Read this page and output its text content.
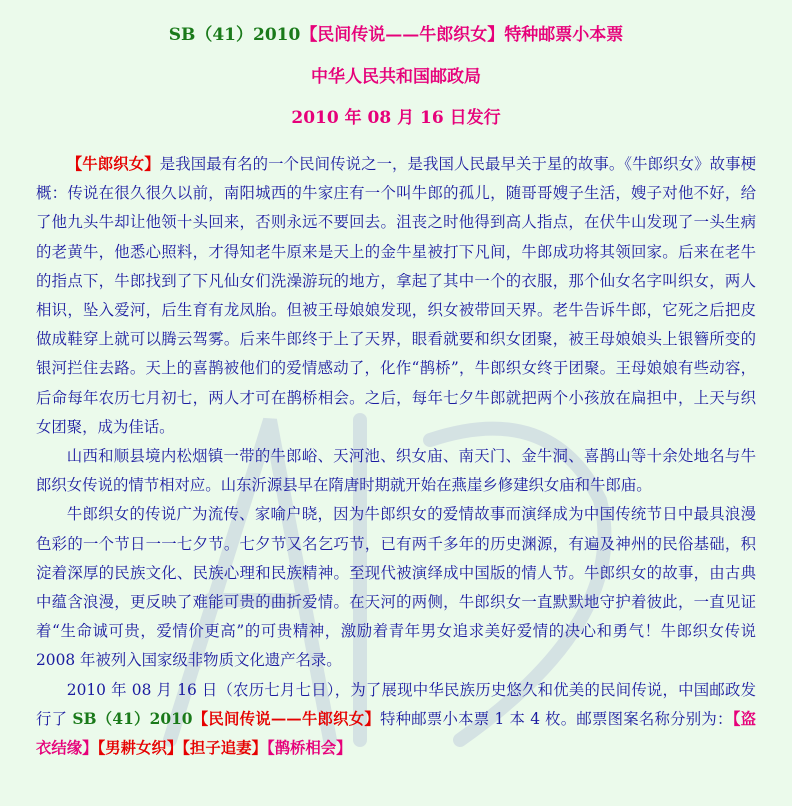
SB（41）2010【民间传说——牛郎织女】特种邮票小本票
中华人民共和国邮政局
2010 年 08 月 16 日发行

【牛郎织女】是我国最有名的一个民间传说之一，是我国人民最早关于星的故事。《牛郎织女》故事梗概：传说在很久很久以前，南阳城西的牛家庄有一个叫牛郎的孤儿，随哥哥嫂子生活，嫂子对他不好，给了他九头牛却让他领十头回来，否则永远不要回去。沮丧之时他得到高人指点，在伏牛山发现了一头生病的老黄牛，他悉心照料，才得知老牛原来是天上的金牛星被打下凡间，牛郎成功将其领回家。后来在老牛的指点下，牛郎找到了下凡仙女们洗澡游玩的地方，拿起了其中一个的衣服，那个仙女名字叫织女，两人相识，坠入爱河，后生育有龙凤胎。但被王母娘娘发现，织女被带回天界。老牛告诉牛郎，它死之后把皮做成鞋穿上就可以腾云驾雾。后来牛郎终于上了天界，眼看就要和织女团聚，被王母娘娘头上银簪所变的银河拦住去路。天上的喜鹊被他们的爱情感动了，化作“鹊桥”，牛郎织女终于团聚。王母娘娘有些动容，后命每年农历七月初七，两人才可在鹊桥相会。之后，每年七夕牛郎就把两个小孩放在扁担中，上天与织女团聚，成为佳话。

山西和顺县境内松烟镇一带的牛郎峪、天河池、织女庙、南天门、金牛洞、喜鹊山等十余处地名与牛郎织女传说的情节相对应。山东沂源县早在隋唐时期就开始在燕崖乡修建织女庙和牛郎庙。

牛郎织女的传说广为流传、家喻户晓，因为牛郎织女的爱情故事而演绎成为中国传统节日中最具浪漫色彩的一个节日一一七夕节。七夕节又名乞巧节，已有两千多年的历史渊源，有遍及神州的民俗基础，积淀着深厚的民族文化、民族心理和民族精神。至现代被演绎成中国版的情人节。牛郎织女的故事，由古典中蕴含浪漫，更反映了难能可贵的曲折爱情。在天河的两侧，牛郎织女一直默默地守护着彼此，一直见证着“生命诚可贵，爱情价更高”的可贵精神，激励着青年男女追求美好爱情的决心和勇气！牛郎织女传说 2008 年被列入国家级非物质文化遗产名录。

2010 年 08 月 16 日（农历七月七日），为了展现中华民族历史悠久和优美的民间传说，中国邮政发行了 SB（41）2010【民间传说——牛郎织女】特种邮票小本票 1 本 4 枚。邮票图案名称分别为：【盗衣结缘】【男耕女织】【担子追妻】【鹊桥相会】
